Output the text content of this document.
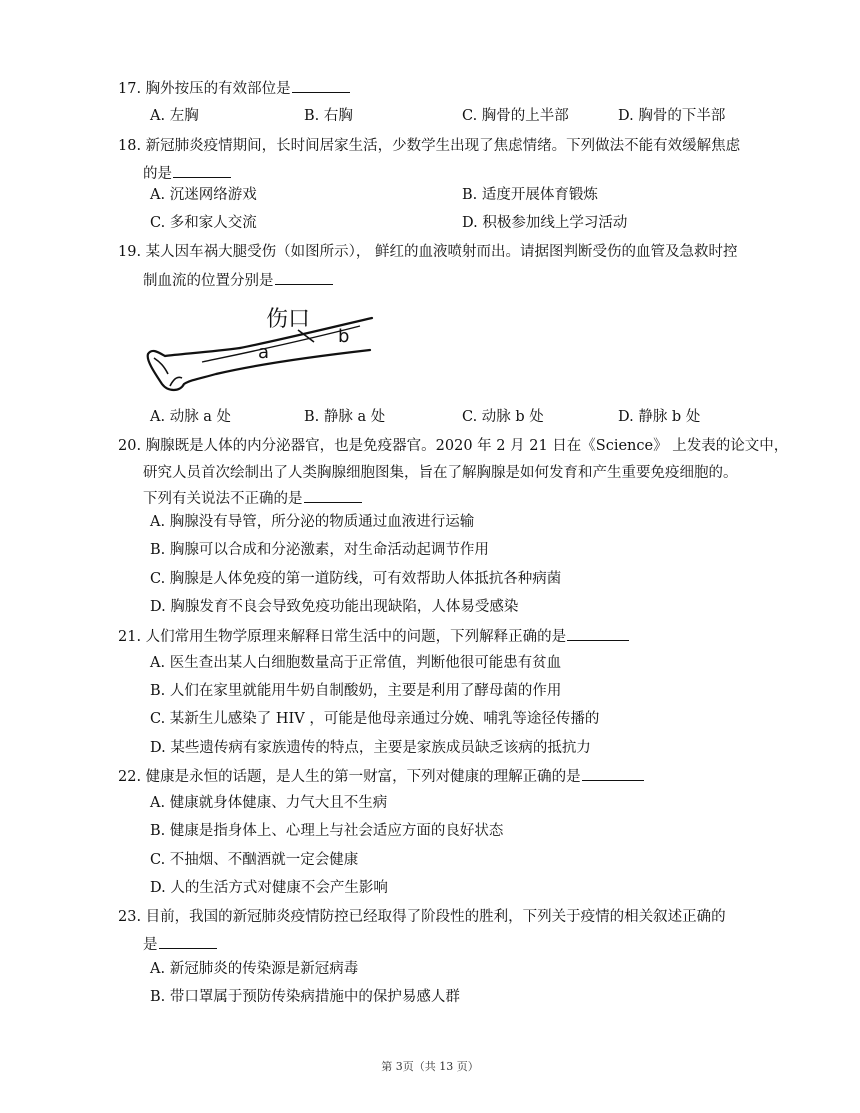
17. 胸外按压的有效部位是
A. 左胸	B. 右胸	C. 胸骨的上半部	D. 胸骨的下半部
18. 新冠肺炎疫情期间，长时间居家生活，少数学生出现了焦虑情绪。下列做法不能有效缓解焦虑
的是
A. 沉迷网络游戏	B. 适度开展体育锻炼
C. 多和家人交流	D. 积极参加线上学习活动
19. 某人因车祸大腿受伤（如图所示）， 鲜红的血液喷射而出。请据图判断受伤的血管及急救时控
制血流的位置分别是
伤口
a
b
A. 动脉 a 处	B. 静脉 a 处	C. 动脉 b 处	D. 静脉 b 处
20. 胸腺既是人体的内分泌器官，也是免疫器官。2020 年 2 月 21 日在《Science》 上发表的论文中，
研究人员首次绘制出了人类胸腺细胞图集，旨在了解胸腺是如何发育和产生重要免疫细胞的。
下列有关说法不正确的是
A. 胸腺没有导管，所分泌的物质通过血液进行运输
B. 胸腺可以合成和分泌激素，对生命活动起调节作用
C. 胸腺是人体免疫的第一道防线，可有效帮助人体抵抗各种病菌
D. 胸腺发育不良会导致免疫功能出现缺陷，人体易受感染
21. 人们常用生物学原理来解释日常生活中的问题，下列解释正确的是
A. 医生查出某人白细胞数量高于正常值，判断他很可能患有贫血
B. 人们在家里就能用牛奶自制酸奶，主要是利用了酵母菌的作用
C. 某新生儿感染了 HIV ，可能是他母亲通过分娩、哺乳等途径传播的
D. 某些遗传病有家族遗传的特点，主要是家族成员缺乏该病的抵抗力
22. 健康是永恒的话题，是人生的第一财富，下列对健康的理解正确的是
A. 健康就身体健康、力气大且不生病
B. 健康是指身体上、心理上与社会适应方面的良好状态
C. 不抽烟、不酗酒就一定会健康
D. 人的生活方式对健康不会产生影响
23. 目前，我国的新冠肺炎疫情防控已经取得了阶段性的胜利，下列关于疫情的相关叙述正确的
是
A. 新冠肺炎的传染源是新冠病毒
B. 带口罩属于预防传染病措施中的保护易感人群
第 3页（共 13 页）
